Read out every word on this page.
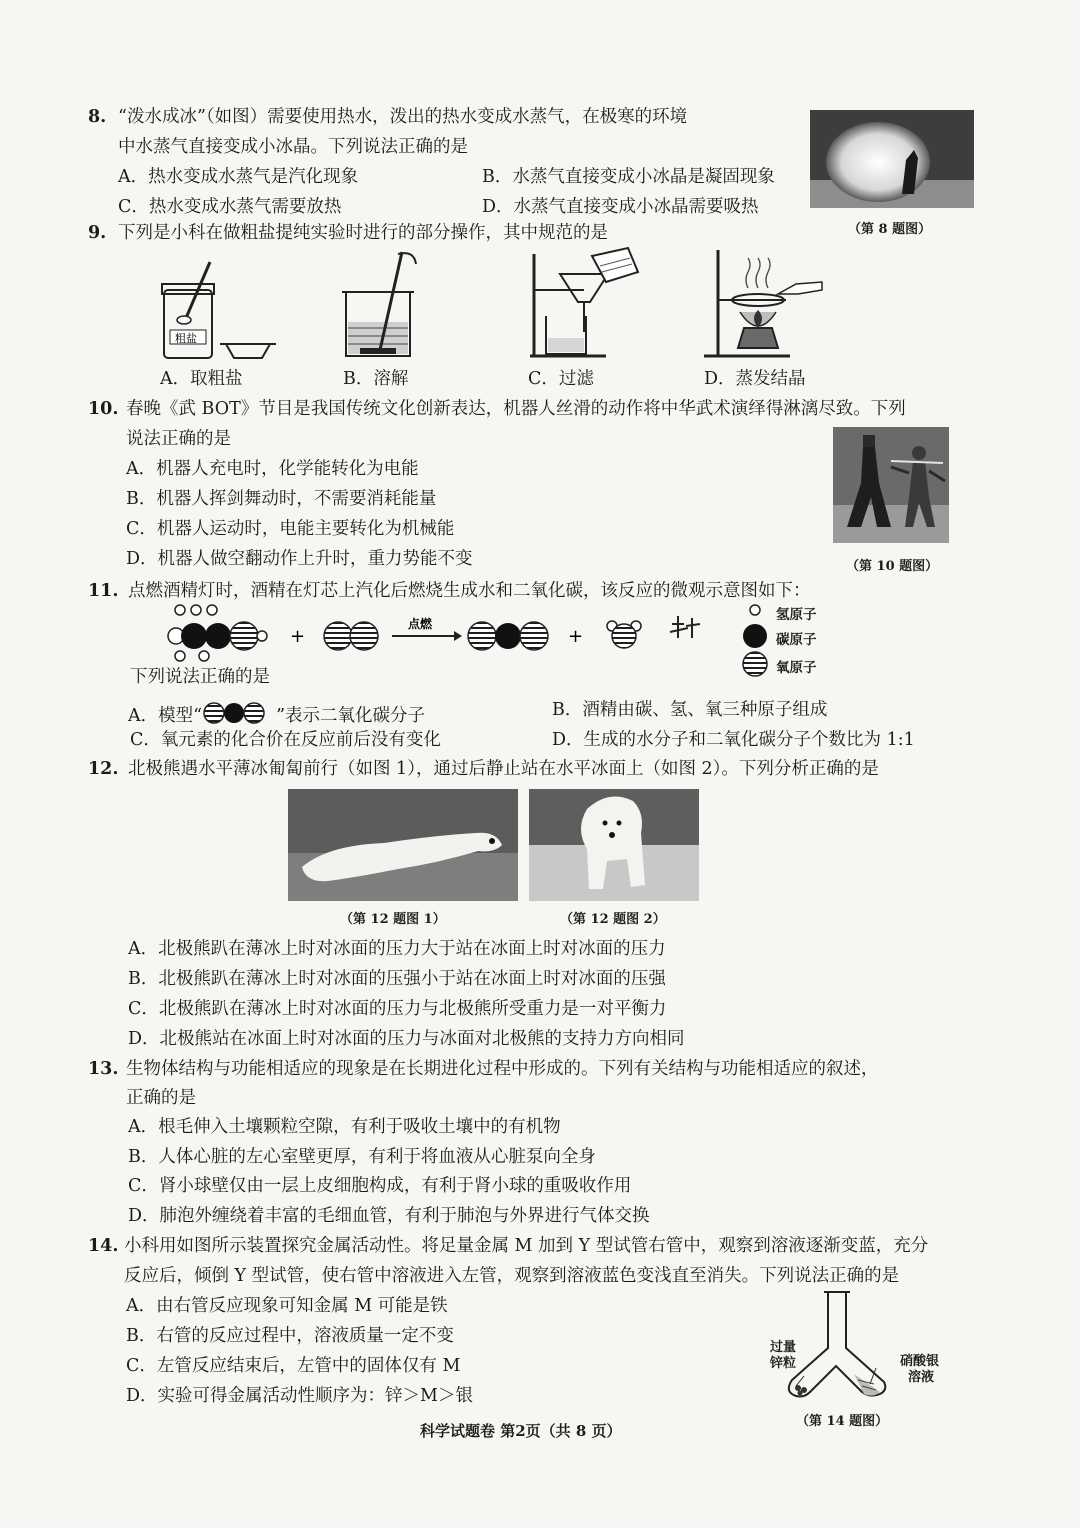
8. “泼水成冰”（如图）需要使用热水，泼出的热水变成水蒸气，在极寒的环境
中水蒸气直接变成小冰晶。下列说法正确的是
A．热水变成水蒸气是汽化现象	B．水蒸气直接变成小冰晶是凝固现象
C．热水变成水蒸气需要放热	D．水蒸气直接变成小冰晶需要吸热
（第 8 题图）
9. 下列是小科在做粗盐提纯实验时进行的部分操作，其中规范的是
粗盐
A．取粗盐	B．溶解	C．过滤	D．蒸发结晶
10. 春晚《武 BOT》节目是我国传统文化创新表达，机器人丝滑的动作将中华武术演绎得淋漓尽致。下列
说法正确的是
A．机器人充电时，化学能转化为电能
B．机器人挥剑舞动时，不需要消耗能量
C．机器人运动时，电能主要转化为机械能
D．机器人做空翻动作上升时，重力势能不变	（第 10 题图）
11. 点燃酒精灯时，酒精在灯芯上汽化后燃烧生成水和二氧化碳，该反应的微观示意图如下：
+
点燃
+
氢原子
碳原子
氧原子
下列说法正确的是
A．模型“	”表示二氧化碳分子	B．酒精由碳、氢、氧三种原子组成
C．氧元素的化合价在反应前后没有变化	D．生成的水分子和二氧化碳分子个数比为 1:1
12. 北极熊遇水平薄冰匍匐前行（如图 1），通过后静止站在水平冰面上（如图 2）。下列分析正确的是
（第 12 题图 1）	（第 12 题图 2）
A．北极熊趴在薄冰上时对冰面的压力大于站在冰面上时对冰面的压力
B．北极熊趴在薄冰上时对冰面的压强小于站在冰面上时对冰面的压强
C．北极熊趴在薄冰上时对冰面的压力与北极熊所受重力是一对平衡力
D．北极熊站在冰面上时对冰面的压力与冰面对北极熊的支持力方向相同
13. 生物体结构与功能相适应的现象是在长期进化过程中形成的。下列有关结构与功能相适应的叙述，
正确的是
A．根毛伸入土壤颗粒空隙，有利于吸收土壤中的有机物
B．人体心脏的左心室壁更厚，有利于将血液从心脏泵向全身
C．肾小球壁仅由一层上皮细胞构成，有利于肾小球的重吸收作用
D．肺泡外缠绕着丰富的毛细血管，有利于肺泡与外界进行气体交换
14. 小科用如图所示装置探究金属活动性。将足量金属 M 加到 Y 型试管右管中，观察到溶液逐渐变蓝，充分
反应后，倾倒 Y 型试管，使右管中溶液进入左管，观察到溶液蓝色变浅直至消失。下列说法正确的是
A．由右管反应现象可知金属 M 可能是铁
B．右管的反应过程中，溶液质量一定不变
C．左管反应结束后，左管中的固体仅有 M
D．实验可得金属活动性顺序为：锌＞M＞银
过量
锌粒	硝酸银
溶液
（第 14 题图）
科学试题卷 第2页（共 8 页）
